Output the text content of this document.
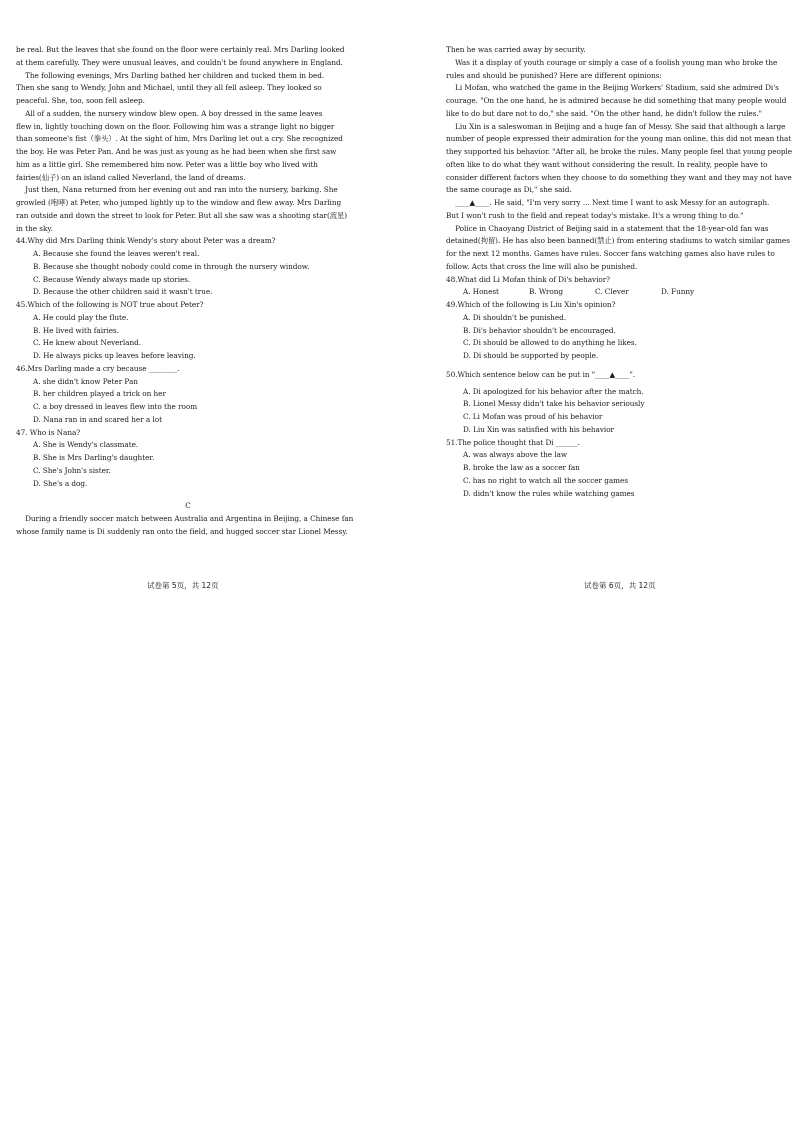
be real. But the leaves that she found on the floor were certainly real. Mrs Darling looked
at them carefully. They were unusual leaves, and couldn't be found anywhere in England.
The following evenings, Mrs Darling bathed her children and tucked them in bed.
Then she sang to Wendy, John and Michael, until they all fell asleep. They looked so
peaceful. She, too, soon fell asleep.
All of a sudden, the nursery window blew open. A boy dressed in the same leaves
flew in, lightly touching down on the floor. Following him was a strange light no bigger
than someone's fist（拳头）. At the sight of him, Mrs Darling let out a cry. She recognized
the boy. He was Peter Pan. And he was just as young as he had been when she first saw
him as a little girl. She remembered him now. Peter was a little boy who lived with
fairies(仙子) on an island called Neverland, the land of dreams.
Just then, Nana returned from her evening out and ran into the nursery, barking. She
growled (咆哮) at Peter, who jumped lightly up to the window and flew away. Mrs Darling
ran outside and down the street to look for Peter. But all she saw was a shooting star(流星)
in the sky.
44.Why did Mrs Darling think Wendy's story about Peter was a dream?
A. Because she found the leaves weren't real.
B. Because she thought nobody could come in through the nursery window.
C. Because Wendy always made up stories.
D. Because the other children said it wasn't true.
45.Which of the following is NOT true about Peter?
A. He could play the flute.
B. He lived with fairies.
C. He knew about Neverland.
D. He always picks up leaves before leaving.
46.Mrs Darling made a cry because ________.
A. she didn't know Peter Pan
B. her children played a trick on her
C. a boy dressed in leaves flew into the room
D. Nana ran in and scared her a lot
47. Who is Nana?
A. She is Wendy's classmate.
B. She is Mrs Darling's daughter.
C. She's John's sister.
D. She's a dog.
C
During a friendly soccer match between Australia and Argentina in Beijing, a Chinese fan
whose family name is Di suddenly ran onto the field, and hugged soccer star Lionel Messy.
试卷第 5页，共 12页
Then he was carried away by security.
Was it a display of youth courage or simply a case of a foolish young man who broke the
rules and should be punished? Here are different opinions:
Li Mofan, who watched the game in the Beijing Workers' Stadium, said she admired Di's
courage. "On the one hand, he is admired because he did something that many people would
like to do but dare not to do," she said. "On the other hand, he didn't follow the rules."
Liu Xin is a saleswoman in Beijing and a huge fan of Messy. She said that although a large
number of people expressed their admiration for the young man online, this did not mean that
they supported his behavior. "After all, he broke the rules. Many people feel that young people
often like to do what they want without considering the result. In reality, people have to
consider different factors when they choose to do something they want and they may not have
the same courage as Di," she said.
____▲____. He said, "I'm very sorry ... Next time I want to ask Messy for an autograph.
But I won't rush to the field and repeat today's mistake. It's a wrong thing to do."
Police in Chaoyang District of Beijing said in a statement that the 18-year-old fan was
detained(拘留). He has also been banned(禁止) from entering stadiums to watch similar games
for the next 12 months. Games have rules. Soccer fans watching games also have rules to
follow. Acts that cross the line will also be punished.
48.What did Li Mofan think of Di's behavior?
A. Honest	B. Wrong	C. Clever	D. Funny
49.Which of the following is Liu Xin's opinion?
A. Di shouldn't be punished.
B. Di's behavior shouldn't be encouraged.
C. Di should be allowed to do anything he likes.
D. Di should be supported by people.
50.Which sentence below can be put in "____▲____".
A. Di apologized for his behavior after the match.
B. Lionel Messy didn't take his behavior seriously
C. Li Mofan was proud of his behavior
D. Liu Xin was satisfied with his behavior
51.The police thought that Di ______.
A. was always above the law
B. broke the law as a soccer fan
C. has no right to watch all the soccer games
D. didn't know the rules while watching games
试卷第 6页，共 12页
